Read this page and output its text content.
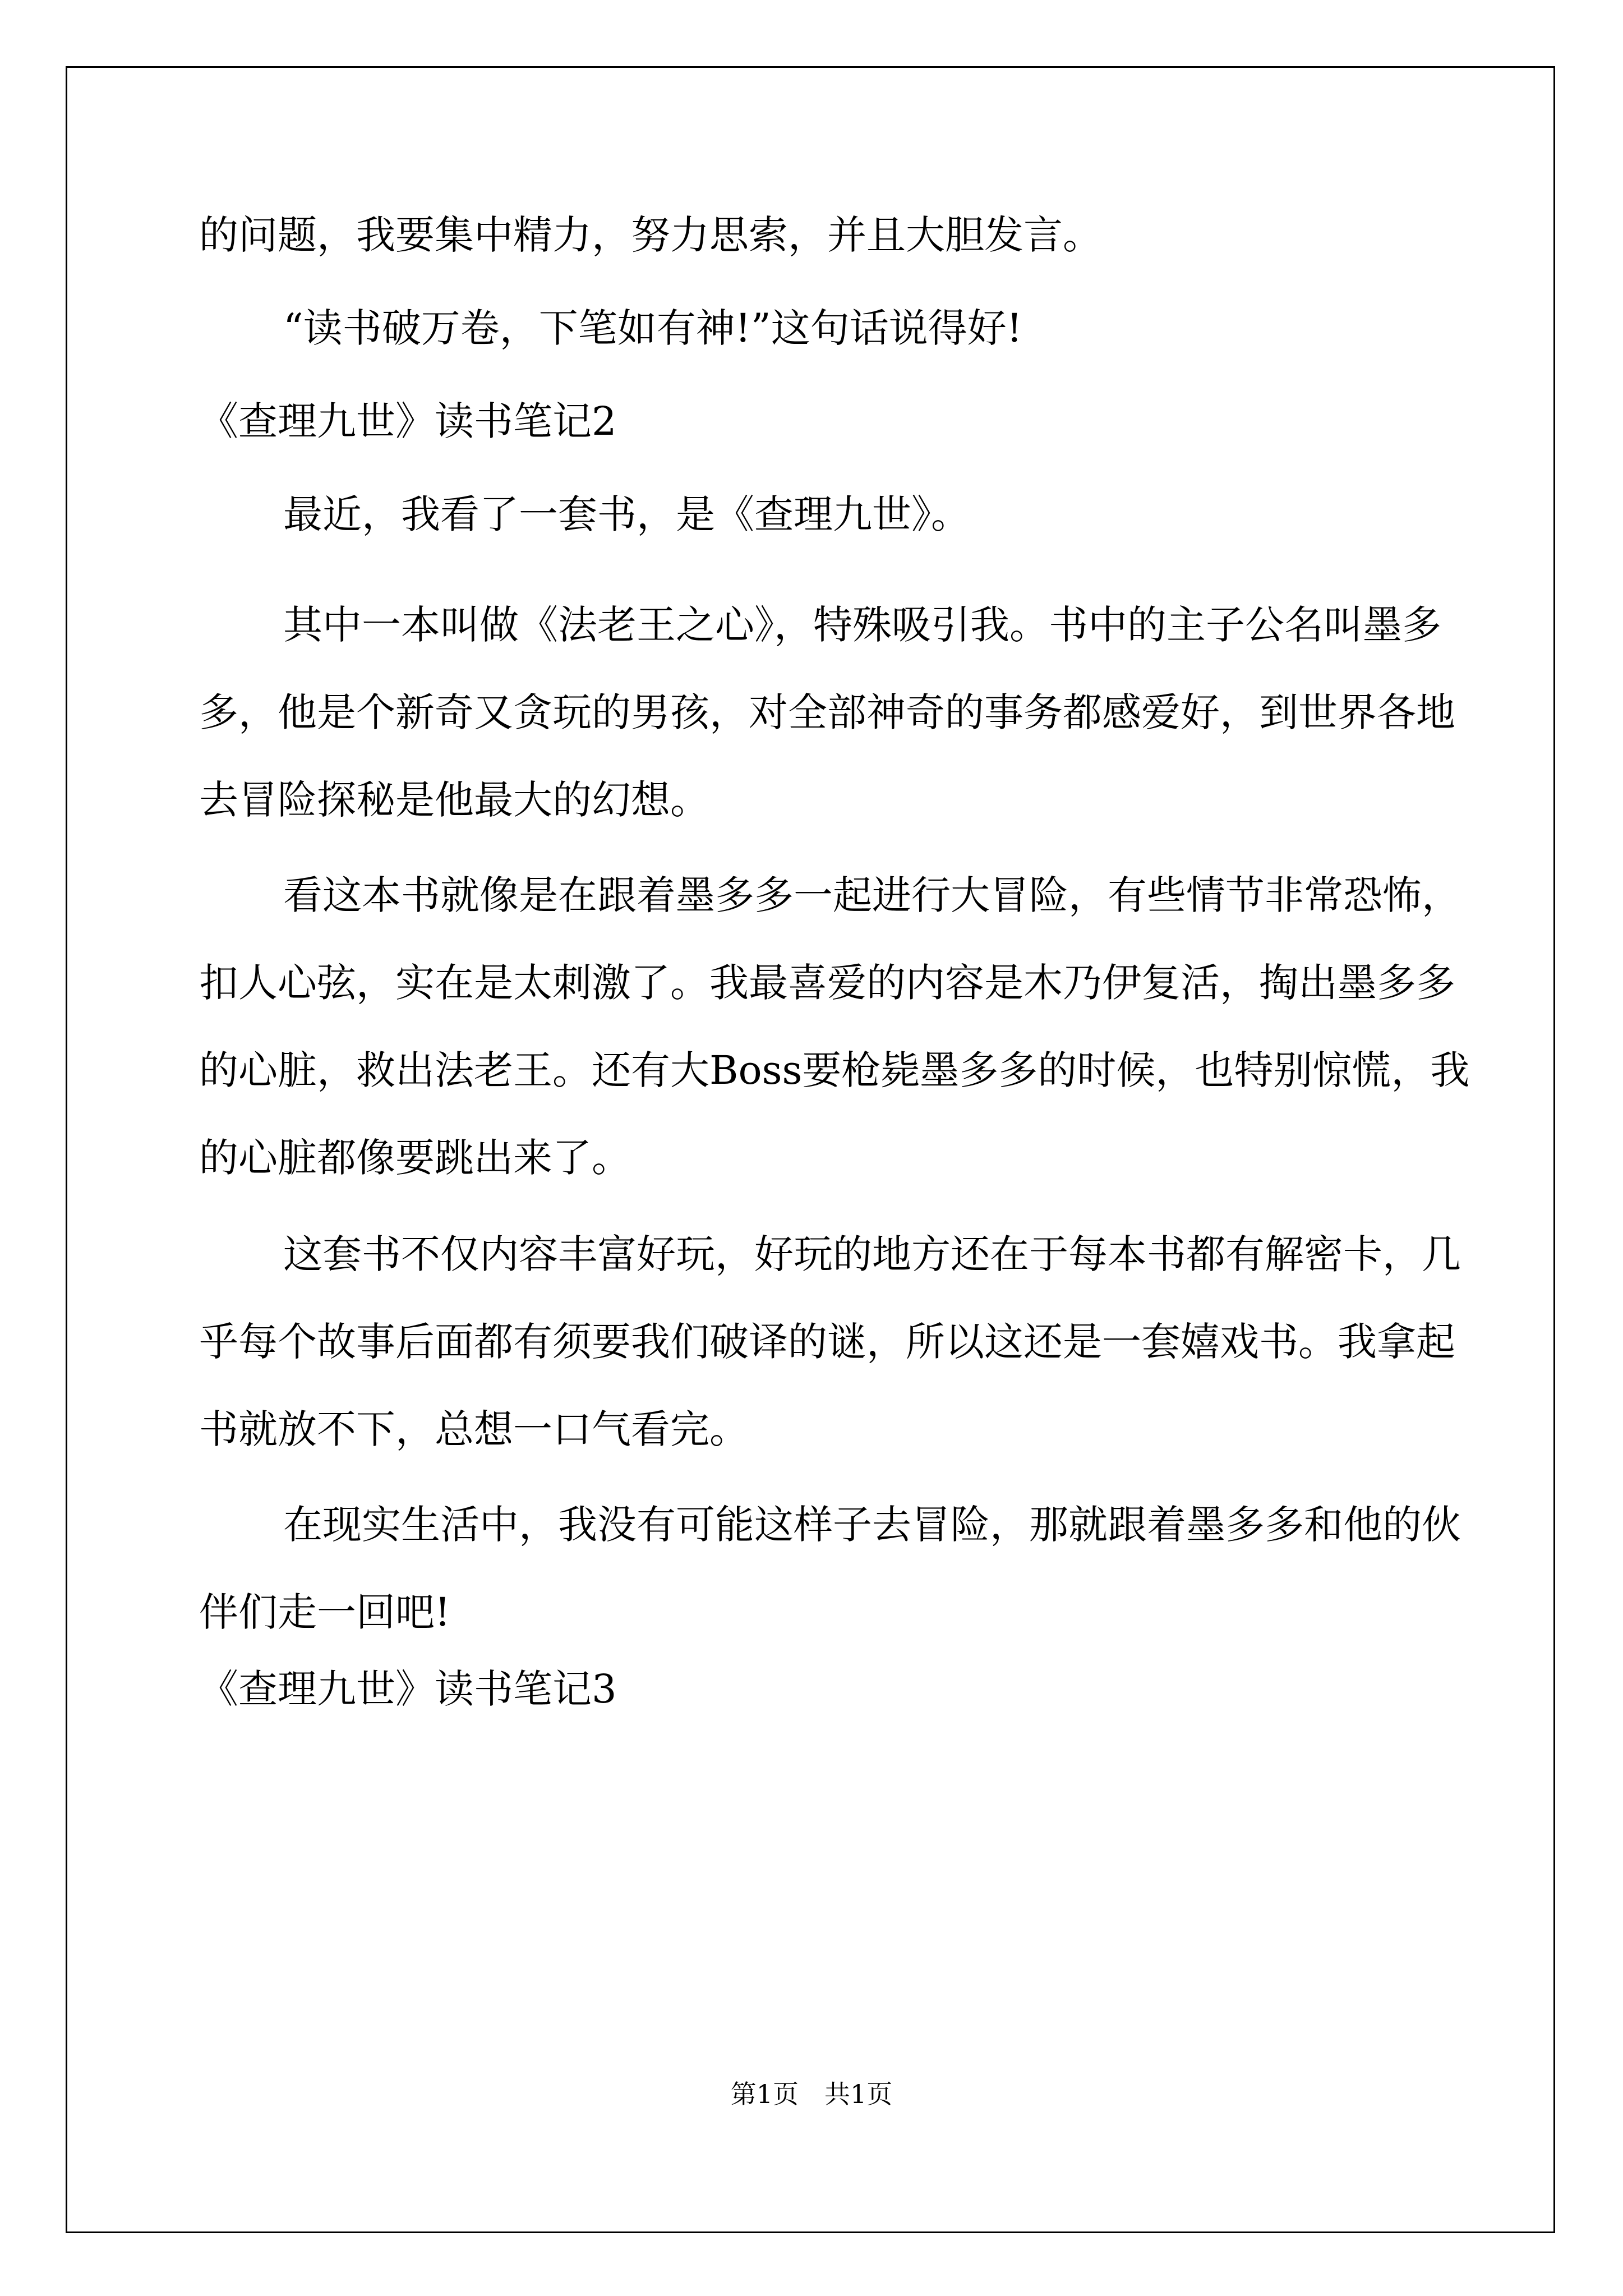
的问题，我要集中精力，努力思索，并且大胆发言。
“读书破万卷，下笔如有神!”这句话说得好!
《查理九世》读书笔记2
最近，我看了一套书，是《查理九世》。
其中一本叫做《法老王之心》，特殊吸引我。书中的主子公名叫墨多多，他是个新奇又贪玩的男孩，对全部神奇的事务都感爱好，到世界各地去冒险探秘是他最大的幻想。
看这本书就像是在跟着墨多多一起进行大冒险，有些情节非常恐怖，扣人心弦，实在是太刺激了。我最喜爱的内容是木乃伊复活，掏出墨多多的心脏，救出法老王。还有大Boss要枪毙墨多多的时候，也特别惊慌，我的心脏都像要跳出来了。
这套书不仅内容丰富好玩，好玩的地方还在于每本书都有解密卡，几乎每个故事后面都有须要我们破译的谜，所以这还是一套嬉戏书。我拿起书就放不下，总想一口气看完。
在现实生活中，我没有可能这样子去冒险，那就跟着墨多多和他的伙伴们走一回吧!
《查理九世》读书笔记3
第1页　共1页
